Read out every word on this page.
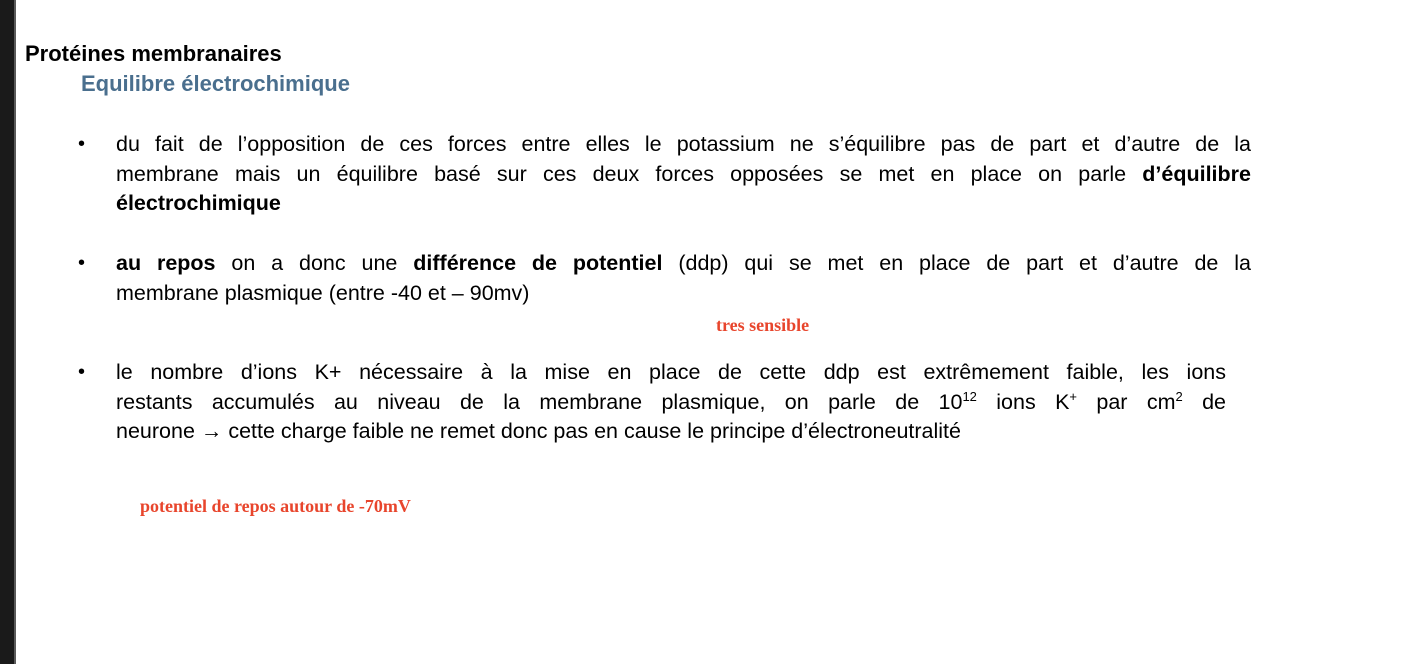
Protéines membranaires
Equilibre électrochimique
•	du fait de l’opposition de ces forces entre elles le potassium ne s’équilibre pas de part et d’autre de la
membrane mais un équilibre basé sur ces deux forces opposées se met en place on parle d’équilibre
électrochimique
•	au repos on a donc une différence de potentiel (ddp) qui se met en place de part et d’autre de la
membrane plasmique (entre -40 et – 90mv)
tres sensible
•	le nombre d’ions K+ nécessaire à la mise en place de cette ddp est extrêmement faible, les ions
restants accumulés au niveau de la membrane plasmique, on parle de $10^{12}$ ions K+ par $cm^2$ de
neurone → cette charge faible ne remet donc pas en cause le principe d’électroneutralité
potentiel de repos autour de -70mV
